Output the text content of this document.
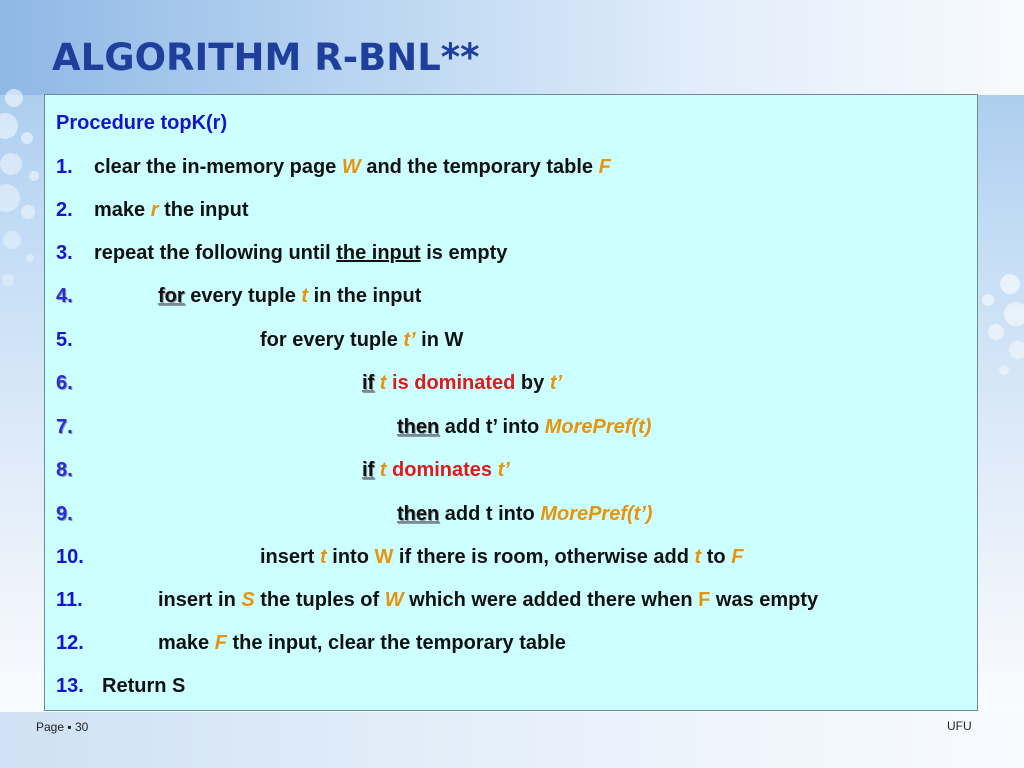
ALGORITHM R-BNL**
Procedure topK(r)
1. clear the in-memory page W and the temporary table F
2. make r the input
3. repeat the following until the input is empty
4.	for every tuple t in the input
5.	for every tuple t’ in W
6.	if t is dominated by t’
7.	then add t’ into MorePref(t)
8.	if t dominates t’
9.	then add t into MorePref(t’)
10.	insert t into W if there is room, otherwise add t to F
11.	insert in S the tuples of W which were added there when F was empty
12.	make F the input, clear the temporary table
13. Return S
Page ▪ 30	UFU
